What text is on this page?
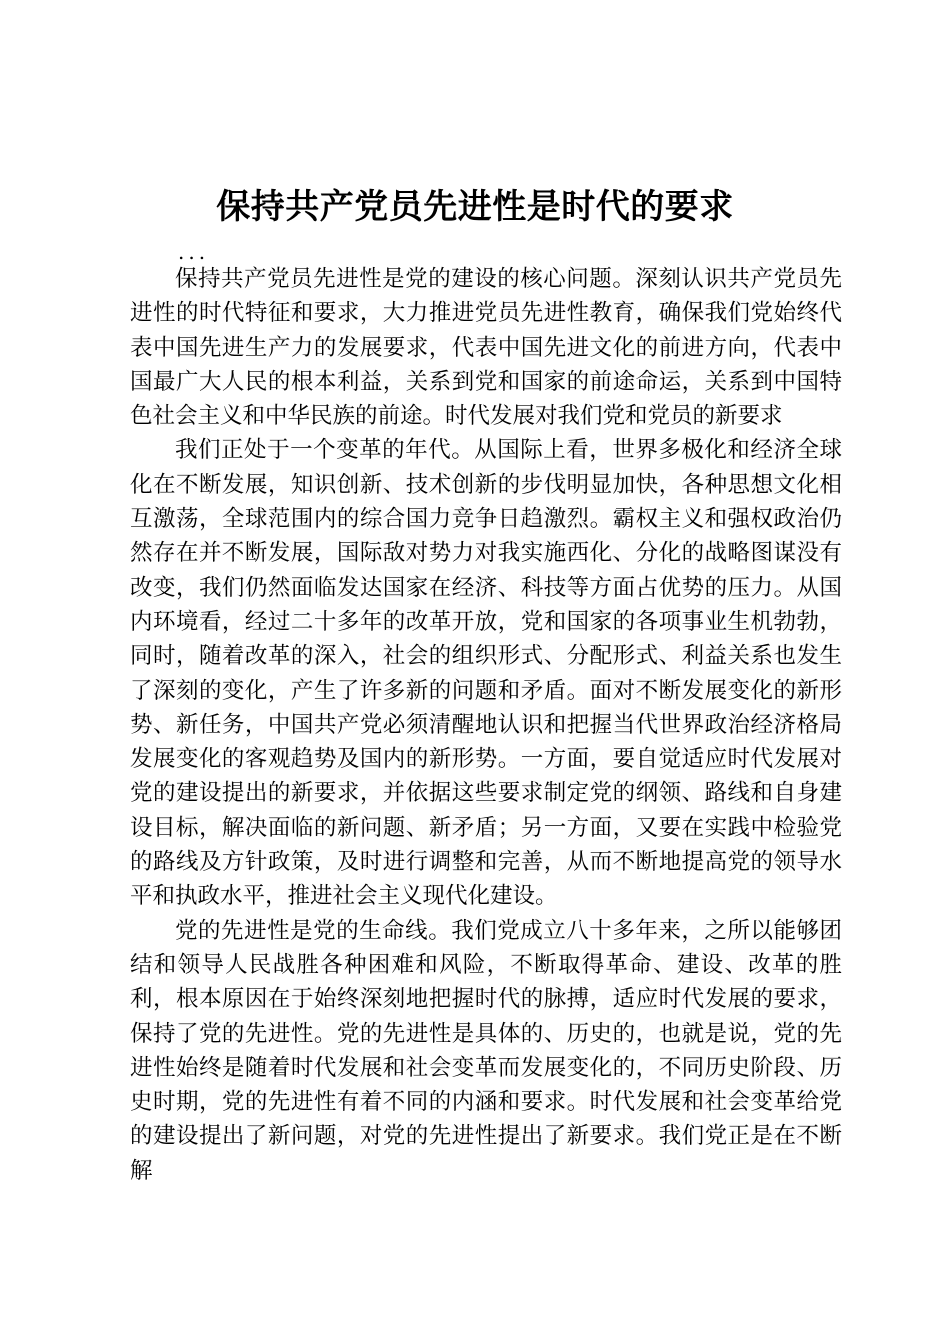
保持共产党员先进性是时代的要求
...

保持共产党员先进性是党的建设的核心问题。深刻认识共产党员先进性的时代特征和要求，大力推进党员先进性教育，确保我们党始终代表中国先进生产力的发展要求，代表中国先进文化的前进方向，代表中国最广大人民的根本利益，关系到党和国家的前途命运，关系到中国特色社会主义和中华民族的前途。时代发展对我们党和党员的新要求

我们正处于一个变革的年代。从国际上看，世界多极化和经济全球化在不断发展，知识创新、技术创新的步伐明显加快，各种思想文化相互激荡，全球范围内的综合国力竞争日趋激烈。霸权主义和强权政治仍然存在并不断发展，国际敌对势力对我实施西化、分化的战略图谋没有改变，我们仍然面临发达国家在经济、科技等方面占优势的压力。从国内环境看，经过二十多年的改革开放，党和国家的各项事业生机勃勃，同时，随着改革的深入，社会的组织形式、分配形式、利益关系也发生了深刻的变化，产生了许多新的问题和矛盾。面对不断发展变化的新形势、新任务，中国共产党必须清醒地认识和把握当代世界政治经济格局发展变化的客观趋势及国内的新形势。一方面，要自觉适应时代发展对党的建设提出的新要求，并依据这些要求制定党的纲领、路线和自身建设目标，解决面临的新问题、新矛盾；另一方面，又要在实践中检验党的路线及方针政策，及时进行调整和完善，从而不断地提高党的领导水平和执政水平，推进社会主义现代化建设。

党的先进性是党的生命线。我们党成立八十多年来，之所以能够团结和领导人民战胜各种困难和风险，不断取得革命、建设、改革的胜利，根本原因在于始终深刻地把握时代的脉搏，适应时代发展的要求，保持了党的先进性。党的先进性是具体的、历史的，也就是说，党的先进性始终是随着时代发展和社会变革而发展变化的，不同历史阶段、历史时期，党的先进性有着不同的内涵和要求。时代发展和社会变革给党的建设提出了新问题，对党的先进性提出了新要求。我们党正是在不断解
